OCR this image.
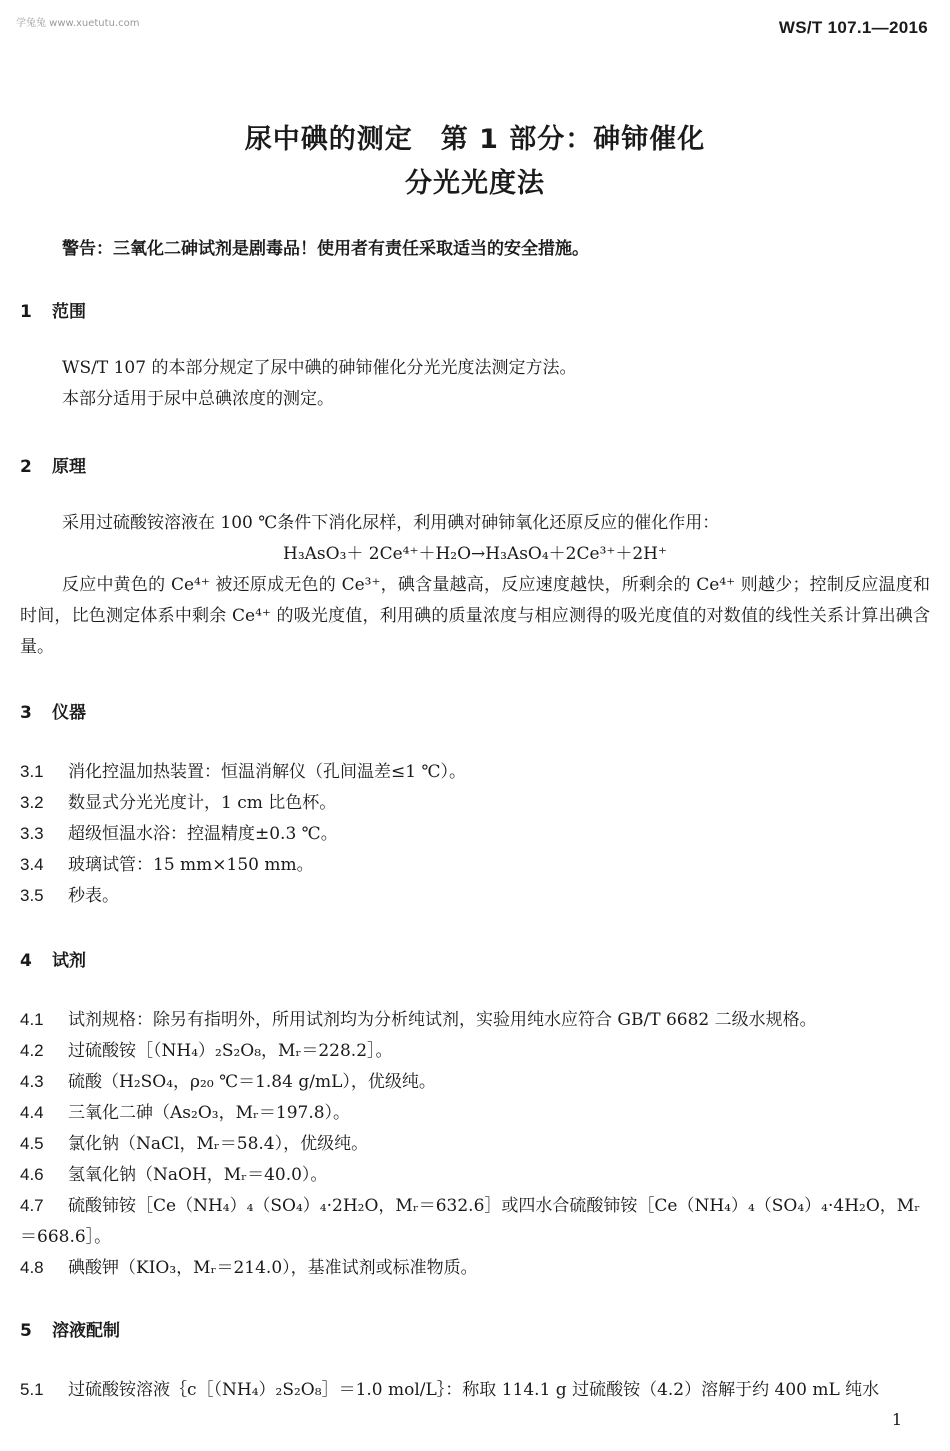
学兔兔 www.xuetutu.com	WS/T 107.1—2016
尿中碘的测定　第 1 部分：砷铈催化
分光光度法
警告：三氧化二砷试剂是剧毒品！使用者有责任采取适当的安全措施。
1 范围

WS/T 107 的本部分规定了尿中碘的砷铈催化分光光度法测定方法。

本部分适用于尿中总碘浓度的测定。

2 原理

采用过硫酸铵溶液在 100 ℃条件下消化尿样，利用碘对砷铈氧化还原反应的催化作用：

H₃AsO₃＋ 2Ce⁴⁺＋H₂O→H₃AsO₄＋2Ce³⁺＋2H⁺

反应中黄色的 Ce⁴⁺ 被还原成无色的 Ce³⁺，碘含量越高，反应速度越快，所剩余的 Ce⁴⁺ 则越少；控制反应温度和时间，比色测定体系中剩余 Ce⁴⁺ 的吸光度值，利用碘的质量浓度与相应测得的吸光度值的对数值的线性关系计算出碘含量。

3 仪器
3.1 消化控温加热装置：恒温消解仪（孔间温差≤1 ℃）。
3.2 数显式分光光度计，1 cm 比色杯。
3.3 超级恒温水浴：控温精度±0.3 ℃。
3.4 玻璃试管：15 mm×150 mm。
3.5 秒表。
4 试剂
4.1 试剂规格：除另有指明外，所用试剂均为分析纯试剂，实验用纯水应符合 GB/T 6682 二级水规格。
4.2 过硫酸铵［（NH₄）₂S₂O₈，Mᵣ＝228.2］。
4.3 硫酸（H₂SO₄，ρ₂₀ ℃＝1.84 g/mL），优级纯。
4.4 三氧化二砷（As₂O₃，Mᵣ＝197.8）。
4.5 氯化钠（NaCl，Mᵣ＝58.4），优级纯。
4.6 氢氧化钠（NaOH，Mᵣ＝40.0）。
4.7 硫酸铈铵［Ce（NH₄）₄（SO₄）₄·2H₂O，Mᵣ＝632.6］或四水合硫酸铈铵［Ce（NH₄）₄（SO₄）₄·4H₂O，Mᵣ＝668.6］。
4.8 碘酸钾（KIO₃，Mᵣ＝214.0），基准试剂或标准物质。
5 溶液配制
5.1 过硫酸铵溶液｛c［（NH₄）₂S₂O₈］＝1.0 mol/L｝：称取 114.1 g 过硫酸铵（4.2）溶解于约 400 mL 纯水
1
